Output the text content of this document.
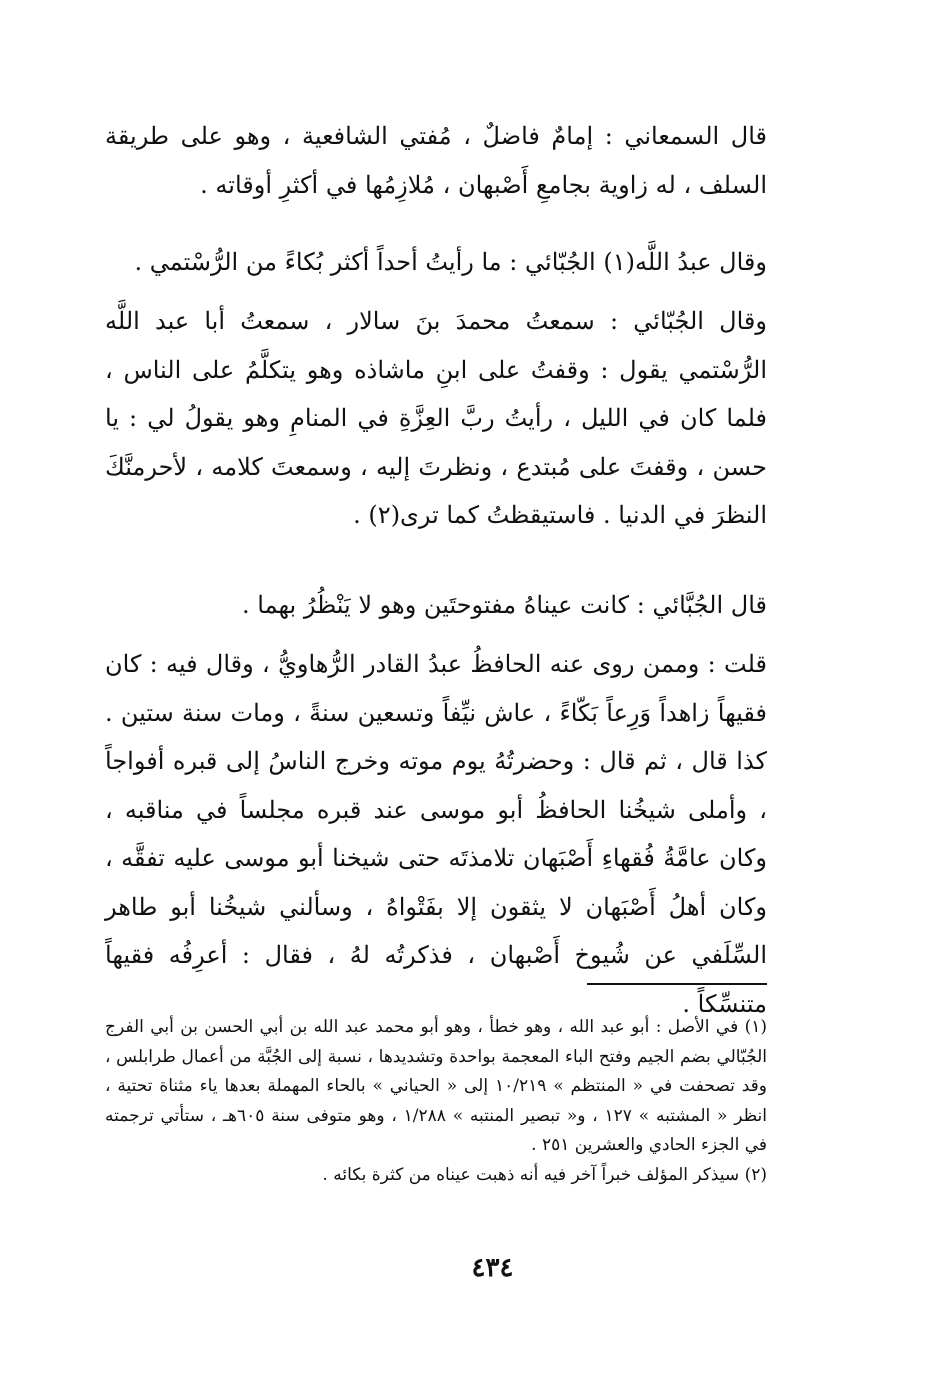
قال السمعاني : إمامٌ فاضلٌ ، مُفتي الشافعية ، وهو على طريقة السلف ، له زاوية بجامعِ أَصْبهان ، مُلازِمُها في أكثرِ أوقاته .

وقال عبدُ اللَّه(١) الجُبّائي : ما رأيتُ أحداً أكثر بُكاءً من الرُّسْتمي .

وقال الجُبّائي : سمعتُ محمدَ بنَ سالار ، سمعتُ أبا عبد اللَّه الرُّسْتمي يقول : وقفتُ على ابنِ ماشاذه وهو يتكلَّمُ على الناس ، فلما كان في الليل ، رأيتُ ربَّ العِزَّةِ في المنامِ وهو يقولُ لي : يا حسن ، وقفتَ على مُبتدع ، ونظرتَ إليه ، وسمعتَ كلامه ، لأحرمنَّكَ النظرَ في الدنيا . فاستيقظتُ كما ترى(٢) .

قال الجُبَّائي : كانت عيناهُ مفتوحتَين وهو لا يَنْظُرُ بهما .

قلت : وممن روى عنه الحافظُ عبدُ القادر الرُّهاويُّ ، وقال فيه : كان فقيهاً زاهداً وَرِعاً بَكّاءً ، عاش نيِّفاً وتسعين سنةً ، ومات سنة ستين . كذا قال ، ثم قال : وحضرتُهُ يوم موته وخرج الناسُ إلى قبره أفواجاً ، وأملى شيخُنا الحافظُ أبو موسى عند قبره مجلساً في مناقبه ، وكان عامَّةُ فُقهاءِ أَصْبَهان تلامذتَه حتى شيخنا أبو موسى عليه تفقَّه ، وكان أهلُ أَصْبَهان لا يثقون إلا بفَتْواهُ ، وسألني شيخُنا أبو طاهر السِّلَفي عن شُيوخ أَصْبهان ، فذكرتُه لهُ ، فقال : أعرِفُه فقيهاً متنسِّكاً .

(١) في الأصل : أبو عبد الله ، وهو خطأ ، وهو أبو محمد عبد الله بن أبي الحسن بن أبي الفرج الجُبّالي بضم الجيم وفتح الباء المعجمة بواحدة وتشديدها ، نسبة إلى الجُبَّة من أعمال طرابلس ، وقد تصحفت في « المنتظم » ١٠/٢١٩ إلى « الحياني » بالحاء المهملة بعدها ياء مثناة تحتية ، انظر « المشتبه » ١٢٧ ، و« تبصير المنتبه » ١/٢٨٨ ، وهو متوفى سنة ٦٠٥هـ ، ستأتي ترجمته في الجزء الحادي والعشرين ٢٥١ .

(٢) سيذكر المؤلف خبراً آخر فيه أنه ذهبت عيناه من كثرة بكائه .

٤٣٤
